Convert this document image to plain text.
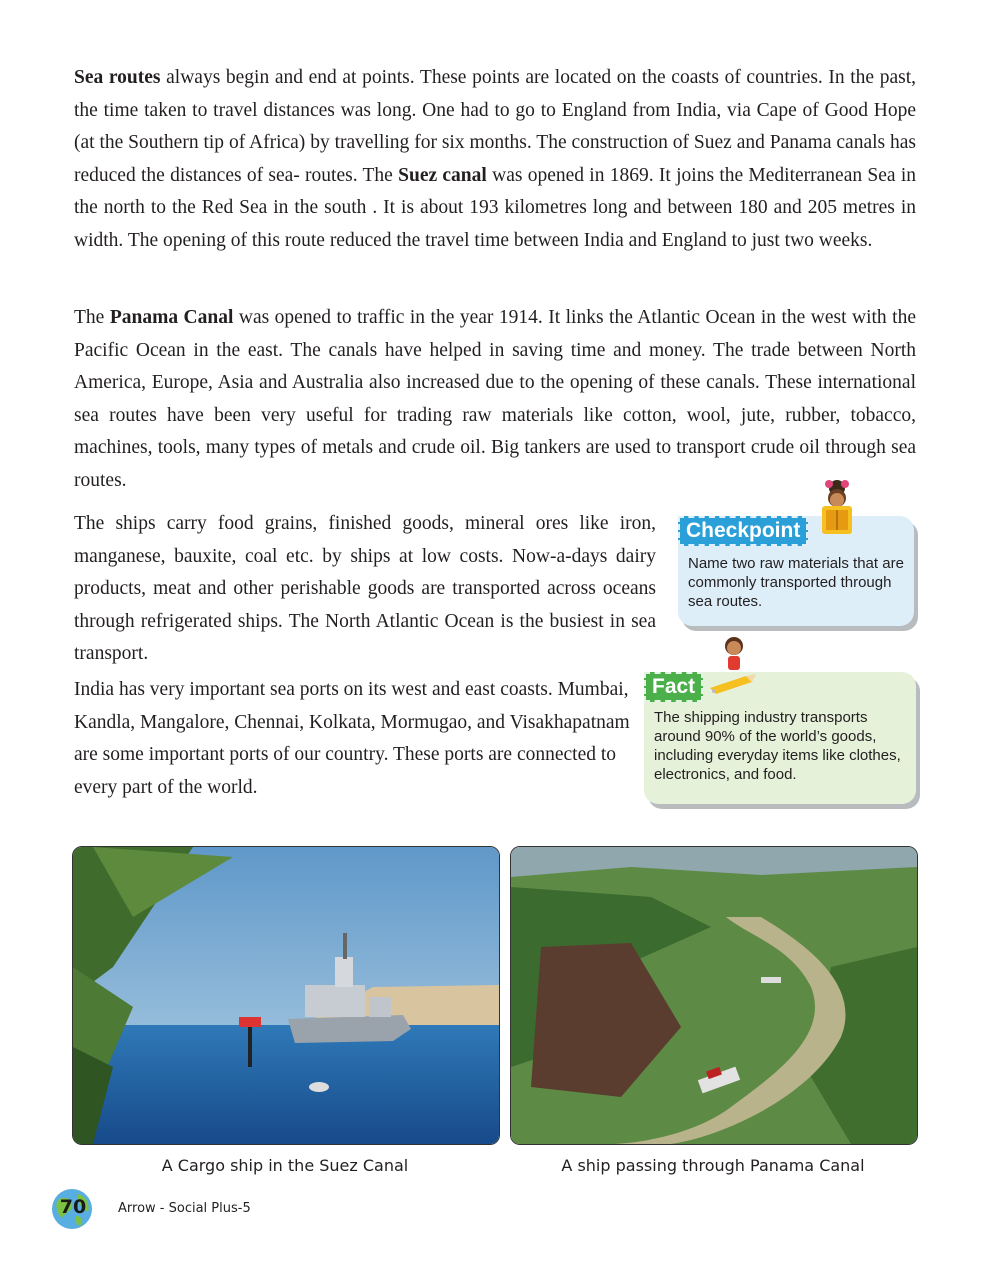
Sea routes always begin and end at points. These points are located on the coasts of countries. In the past, the time taken to travel distances was long. One had to go to England from India, via Cape of Good Hope (at the Southern tip of Africa) by travelling for six months. The construction of Suez and Panama canals has reduced the distances of sea- routes. The Suez canal was opened in 1869. It joins the Mediterranean Sea in the north to the Red Sea in the south . It is about 193 kilometres long and between 180 and 205 metres in width. The opening of this route reduced the travel time between India and England to just two weeks.

The Panama Canal was opened to traffic in the year 1914. It links the Atlantic Ocean in the west with the Pacific Ocean in the east. The canals have helped in saving time and money. The trade between North America, Europe, Asia and Australia also increased due to the opening of these canals. These international sea routes have been very useful for trading raw materials like cotton, wool, jute, rubber, tobacco, machines, tools, many types of metals and crude oil. Big tankers are used to transport crude oil through sea routes.

The ships carry food grains, finished goods, mineral ores like iron, manganese, bauxite, coal etc. by ships at low costs. Now-a-days dairy products, meat and other perishable goods are transported across oceans through refrigerated ships. The North Atlantic Ocean is the busiest in sea transport.

India has very important sea ports on its west and east coasts. Mumbai, Kandla, Mangalore, Chennai, Kolkata, Mormugao, and Visakhapatnam are some important ports of our country. These ports are connected to every part of the world.

Checkpoint
Name two raw materials that are commonly transported through sea routes.
Fact
The shipping industry transports around 90% of the world’s goods, including everyday items like clothes, electronics, and food.
A Cargo ship in the Suez Canal	A ship passing through Panama Canal
70 Arrow - Social Plus-5
